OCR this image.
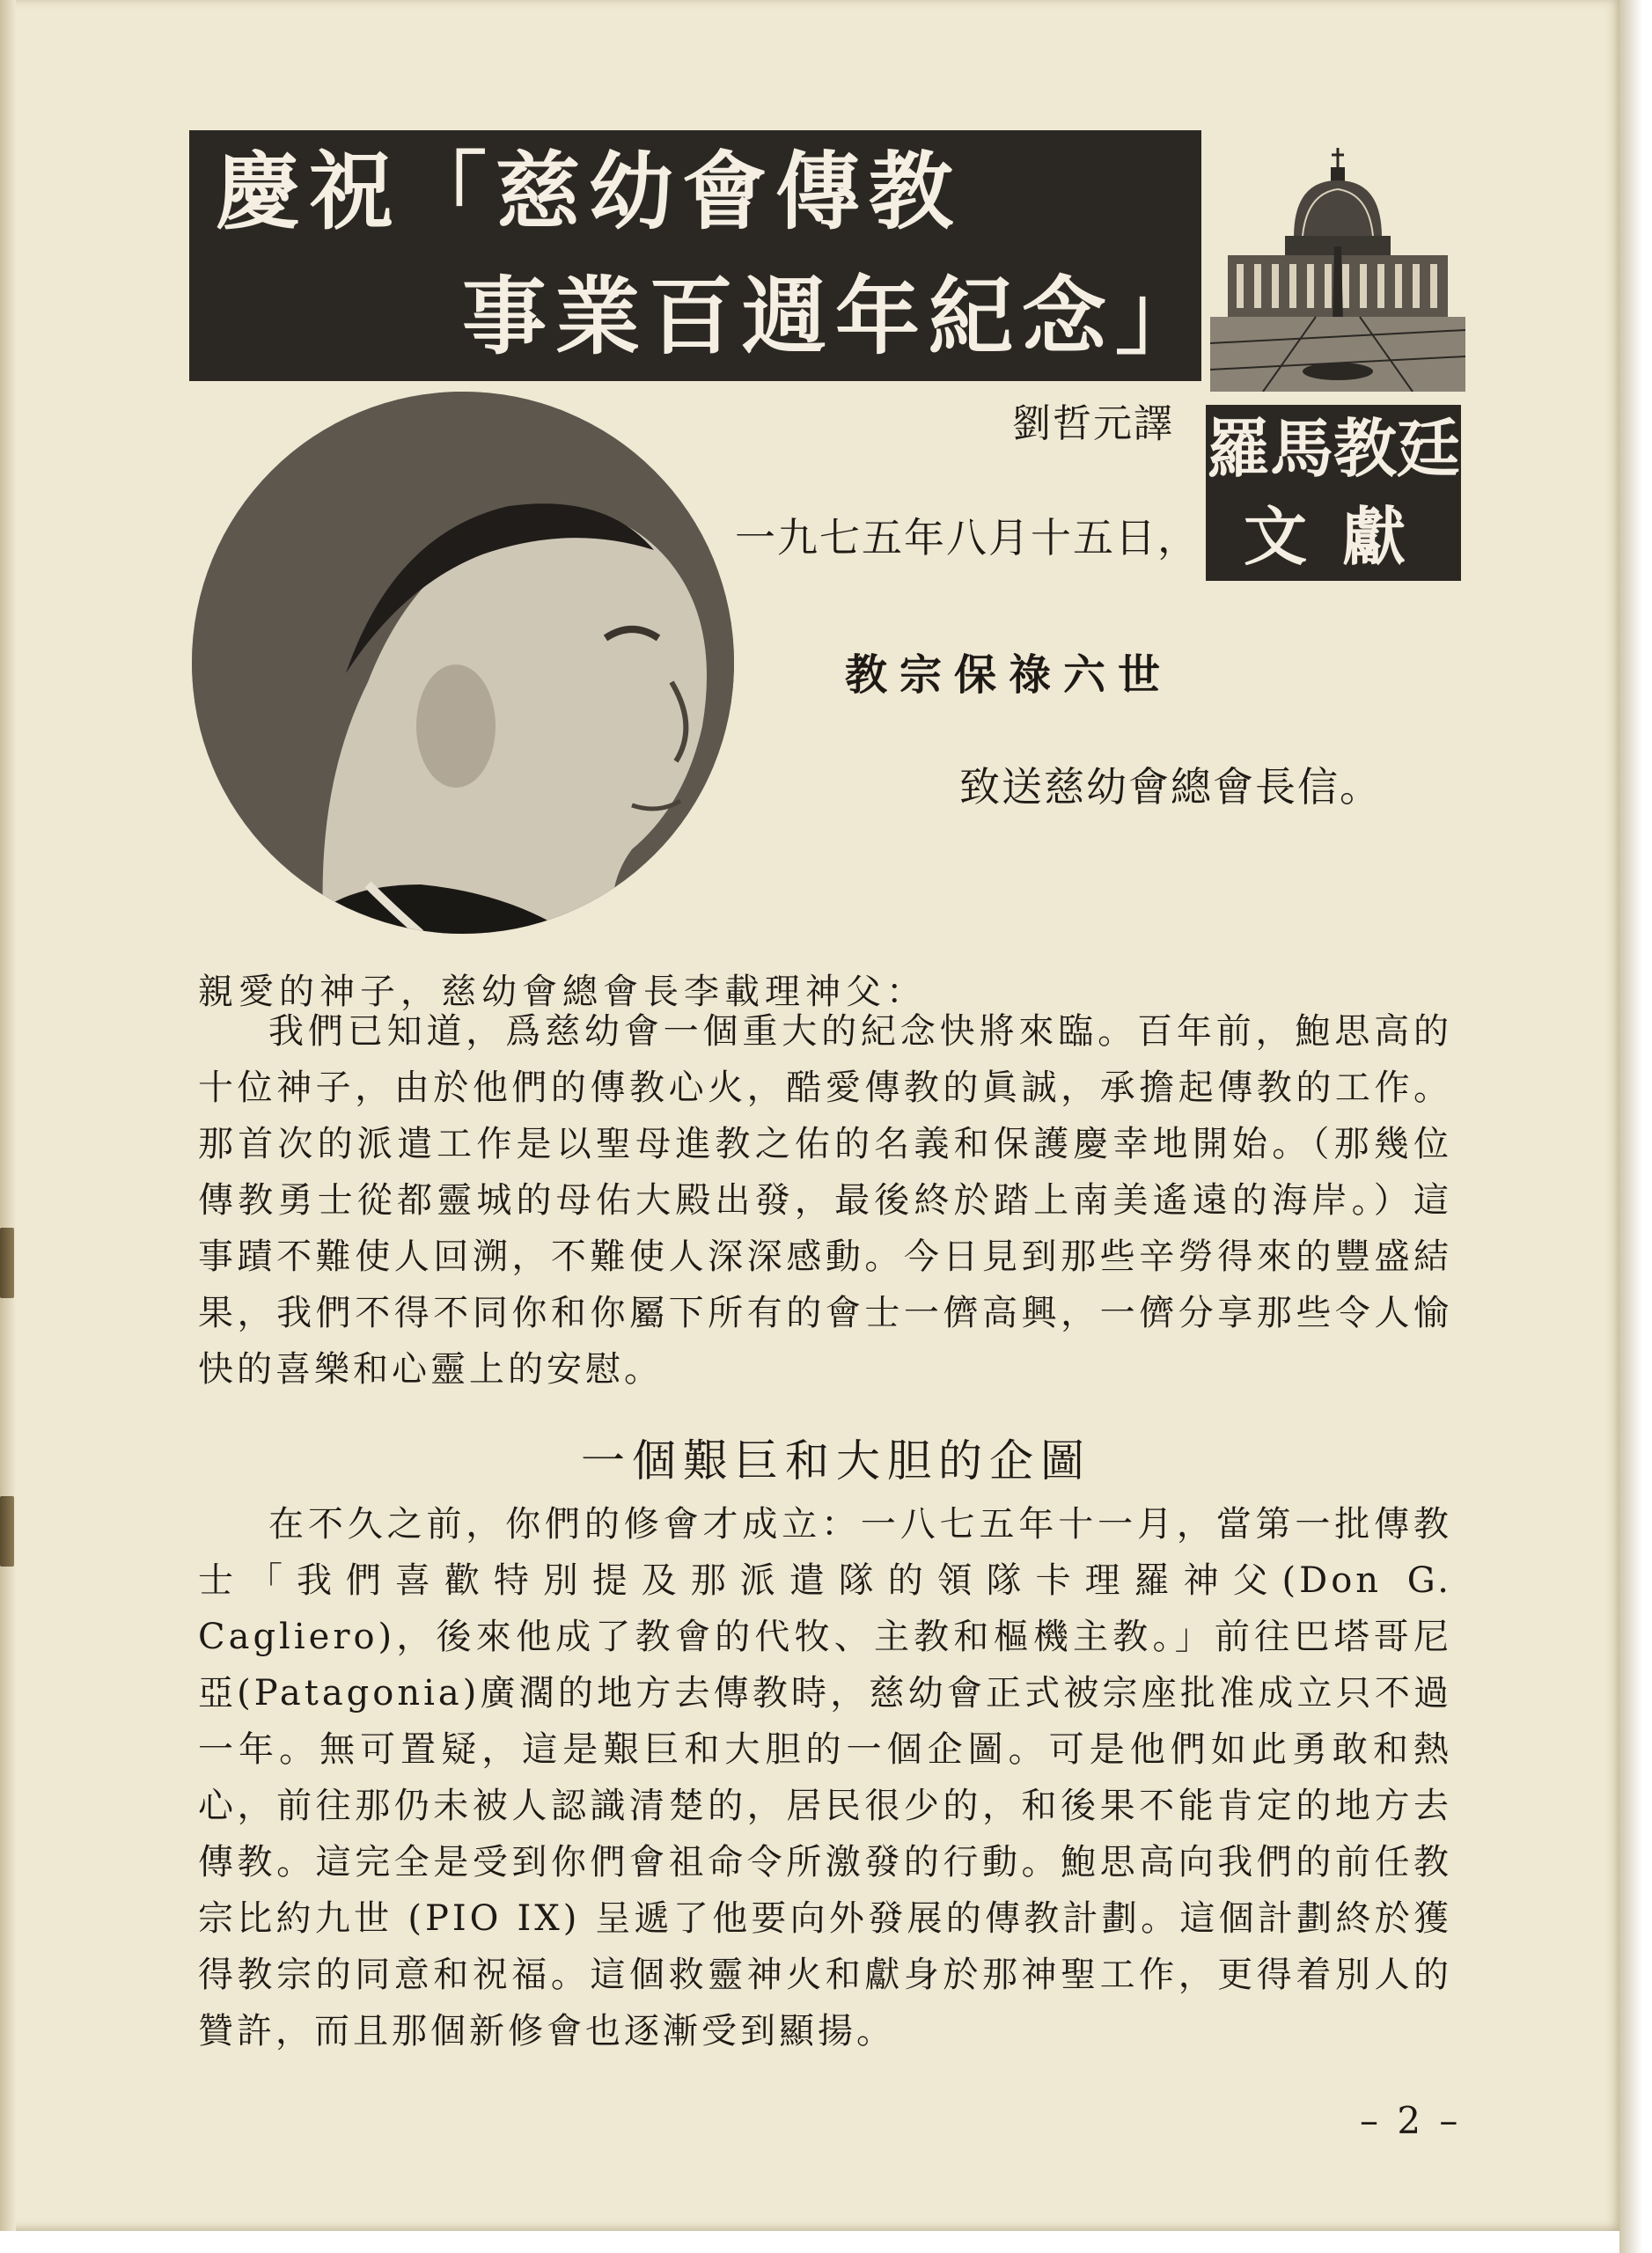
慶祝「慈幼會傳教
事業百週年紀念」
劉哲元譯 羅馬教廷
文獻
一九七五年八月十五日，
教宗保祿六世
致送慈幼會總會長信。
親愛的神子，慈幼會總會長李載理神父：

我們已知道，爲慈幼會一個重大的紀念快將來臨。百年前，鮑思高的十位神子，由於他們的傳教心火，酷愛傳教的眞誠，承擔起傳教的工作。那首次的派遣工作是以聖母進教之佑的名義和保護慶幸地開始。（那幾位傳教勇士從都靈城的母佑大殿出發，最後終於踏上南美遙遠的海岸。）這事蹟不難使人回溯，不難使人深深感動。今日見到那些辛勞得來的豐盛結果，我們不得不同你和你屬下所有的會士一儕高興，一儕分享那些令人愉快的喜樂和心靈上的安慰。

一個艱巨和大胆的企圖

在不久之前，你們的修會才成立：一八七五年十一月，當第一批傳教士「我們喜歡特別提及那派遣隊的領隊卡理羅神父(Don G. Cagliero)，後來他成了教會的代牧、主教和樞機主教。」前往巴塔哥尼亞(Patagonia)廣濶的地方去傳教時，慈幼會正式被宗座批准成立只不過一年。無可置疑，這是艱巨和大胆的一個企圖。可是他們如此勇敢和熱心，前往那仍未被人認識清楚的，居民很少的，和後果不能肯定的地方去傳教。這完全是受到你們會祖命令所激發的行動。鮑思高向我們的前任教宗比約九世 (PIO IX) 呈遞了他要向外發展的傳教計劃。這個計劃終於獲得教宗的同意和祝福。這個救靈神火和獻身於那神聖工作，更得着別人的贊許，而且那個新修會也逐漸受到顯揚。

– 2 –
